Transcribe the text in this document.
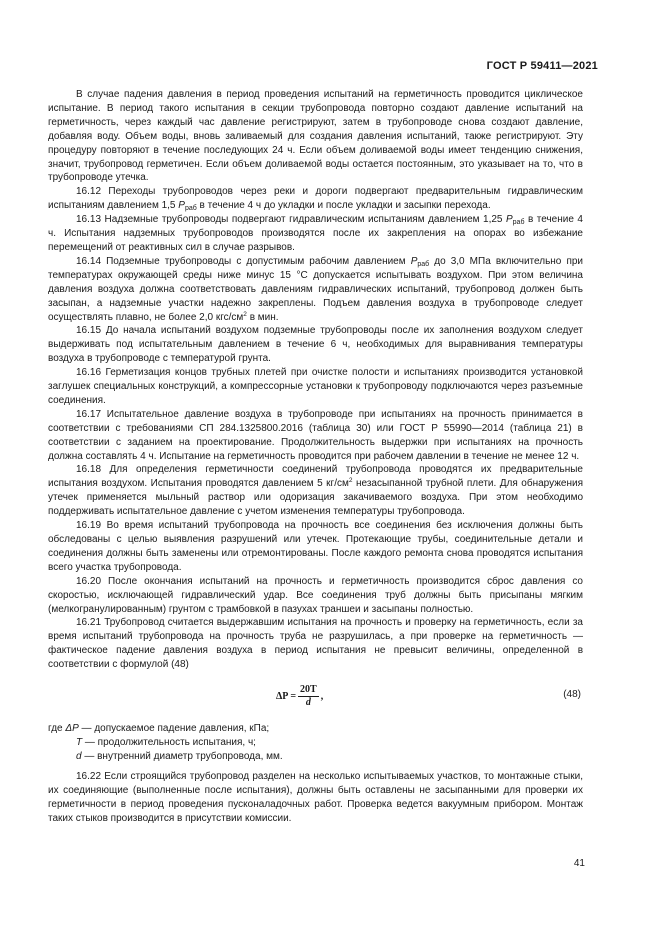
ГОСТ Р 59411—2021

В случае падения давления в период проведения испытаний на герметичность проводится циклическое испытание. В период такого испытания в секции трубопровода повторно создают давление испытаний на герметичность, через каждый час давление регистрируют, затем в трубопроводе снова создают давление, добавляя воду. Объем воды, вновь заливаемый для создания давления испытаний, также регистрируют. Эту процедуру повторяют в течение последующих 24 ч. Если объем доливаемой воды имеет тенденцию снижения, значит, трубопровод герметичен. Если объем доливаемой воды остается постоянным, это указывает на то, что в трубопроводе утечка.

16.12 Переходы трубопроводов через реки и дороги подвергают предварительным гидравлическим испытаниям давлением 1,5 $P_{раб}$ в течение 4 ч до укладки и после укладки и засыпки перехода.

16.13 Надземные трубопроводы подвергают гидравлическим испытаниям давлением 1,25 $P_{раб}$ в течение 4 ч. Испытания надземных трубопроводов производятся после их закрепления на опорах во избежание перемещений от реактивных сил в случае разрывов.

16.14 Подземные трубопроводы с допустимым рабочим давлением $P_{раб}$ до 3,0 МПа включительно при температурах окружающей среды ниже минус 15 °С допускается испытывать воздухом. При этом величина давления воздуха должна соответствовать давлениям гидравлических испытаний, трубопровод должен быть засыпан, а надземные участки надежно закреплены. Подъем давления воздуха в трубопроводе следует осуществлять плавно, не более 2,0 кгс/$см^2$ в мин.

16.15 До начала испытаний воздухом подземные трубопроводы после их заполнения воздухом следует выдерживать под испытательным давлением в течение 6 ч, необходимых для выравнивания температуры воздуха в трубопроводе с температурой грунта.

16.16 Герметизация концов трубных плетей при очистке полости и испытаниях производится установкой заглушек специальных конструкций, а компрессорные установки к трубопроводу подключаются через разъемные соединения.

16.17 Испытательное давление воздуха в трубопроводе при испытаниях на прочность принимается в соответствии с требованиями СП 284.1325800.2016 (таблица 30) или ГОСТ Р 55990—2014 (таблица 21) в соответствии с заданием на проектирование. Продолжительность выдержки при испытаниях на прочность должна составлять 4 ч. Испытание на герметичность проводится при рабочем давлении в течение не менее 12 ч.

16.18 Для определения герметичности соединений трубопровода проводятся их предварительные испытания воздухом. Испытания проводятся давлением 5 $кг/см^2$ незасыпанной трубной плети. Для обнаружения утечек применяется мыльный раствор или одоризация закачиваемого воздуха. При этом необходимо поддерживать испытательное давление с учетом изменения температуры трубопровода.

16.19 Во время испытаний трубопровода на прочность все соединения без исключения должны быть обследованы с целью выявления разрушений или утечек. Протекающие трубы, соединительные детали и соединения должны быть заменены или отремонтированы. После каждого ремонта снова проводятся испытания всего участка трубопровода.

16.20 После окончания испытаний на прочность и герметичность производится сброс давления со скоростью, исключающей гидравлический удар. Все соединения труб должны быть присыпаны мягким (мелкогранулированным) грунтом с трамбовкой в пазухах траншеи и засыпаны полностью.

16.21 Трубопровод считается выдержавшим испытания на прочность и проверку на герметичность, если за время испытаний трубопровода на прочность труба не разрушилась, а при проверке на герметичность — фактическое падение давления воздуха в период испытания не превысит величины, определенной в соответствии с формулой (48)

$\Delta P = \frac{20T}{d}$ ,	(48)
где ΔP — допускаемое падение давления, кПа;
T — продолжительность испытания, ч;
d — внутренний диаметр трубопровода, мм.

16.22 Если строящийся трубопровод разделен на несколько испытываемых участков, то монтажные стыки, их соединяющие (выполненные после испытания), должны быть оставлены не засыпанными для проверки их герметичности в период проведения пусконаладочных работ. Проверка ведется вакуумным прибором. Монтаж таких стыков производится в присутствии комиссии.

41
